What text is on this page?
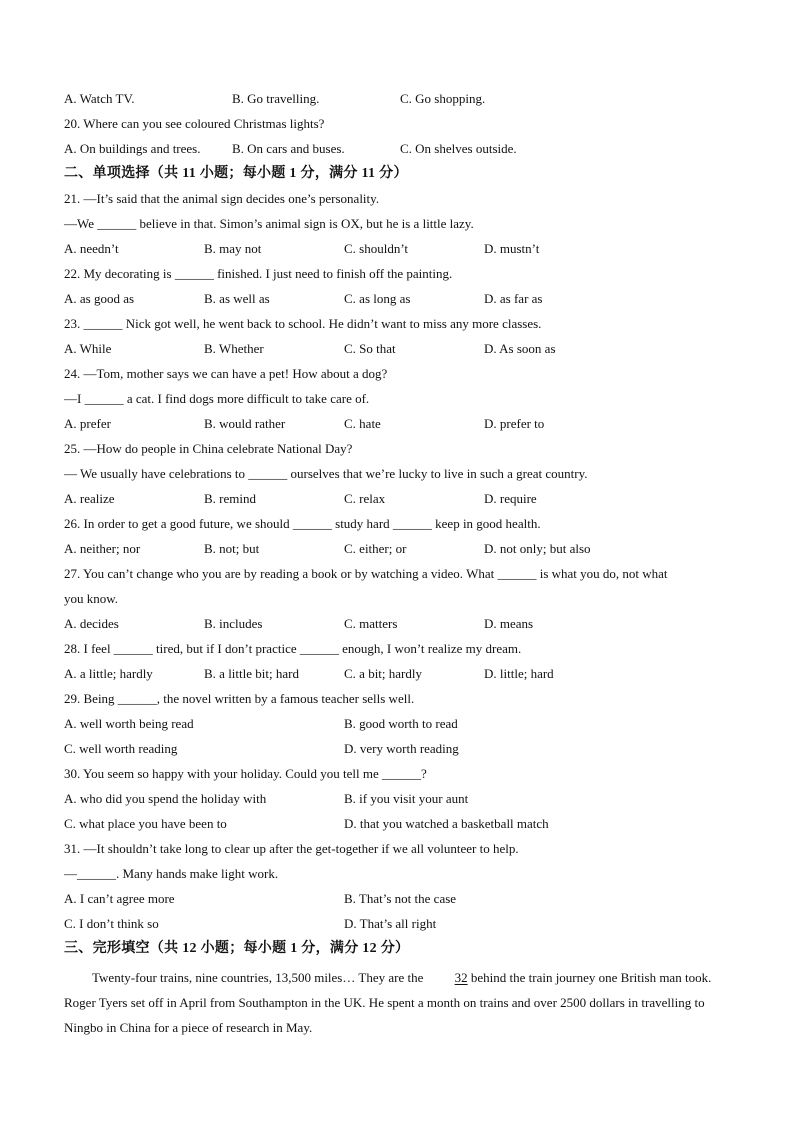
A. Watch TV.	B. Go travelling.	C. Go shopping.
20. Where can you see coloured Christmas lights?
A. On buildings and trees. B. On cars and buses.	C. On shelves outside.
二、单项选择（共 11 小题；每小题 1 分，满分 11 分）
21. —It’s said that the animal sign decides one’s personality.
—We ______ believe in that. Simon’s animal sign is OX, but he is a little lazy.
A. needn’t	B. may not	C. shouldn’t	D. mustn’t
22. My decorating is ______ finished. I just need to finish off the painting.
A. as good as	B. as well as	C. as long as	D. as far as
23. ______ Nick got well, he went back to school. He didn’t want to miss any more classes.
A. While	B. Whether	C. So that	D. As soon as
24. —Tom, mother says we can have a pet! How about a dog?
—I ______ a cat. I find dogs more difficult to take care of.
A. prefer	B. would rather	C. hate	D. prefer to
25. —How do people in China celebrate National Day?
— We usually have celebrations to ______ ourselves that we’re lucky to live in such a great country.
A. realize	B. remind	C. relax	D. require
26. In order to get a good future, we should ______ study hard ______ keep in good health.
A. neither; nor	B. not; but	C. either; or	D. not only; but also
27. You can’t change who you are by reading a book or by watching a video. What ______ is what you do, not what
you know.
A. decides	B. includes	C. matters	D. means
28. I feel ______ tired, but if I don’t practice ______ enough, I won’t realize my dream.
A. a little; hardly	B. a little bit; hard	C. a bit; hardly	D. little; hard
29. Being ______, the novel written by a famous teacher sells well.
A. well worth being read	B. good worth to read
C. well worth reading	D. very worth reading
30. You seem so happy with your holiday. Could you tell me ______?
A. who did you spend the holiday with	B. if you visit your aunt
C. what place you have been to	D. that you watched a basketball match
31. —It shouldn’t take long to clear up after the get-together if we all volunteer to help.
—______. Many hands make light work.
A. I can’t agree more	B. That’s not the case
C. I don’t think so	D. That’s all right
三、完形填空（共 12 小题；每小题 1 分，满分 12 分）
Twenty-four trains, nine countries, 13,500 miles… They are the 32 behind the train journey one British man took. Roger Tyers set off in April from Southampton in the UK. He spent a month on trains and over 2500 dollars in travelling to Ningbo in China for a piece of research in May.
